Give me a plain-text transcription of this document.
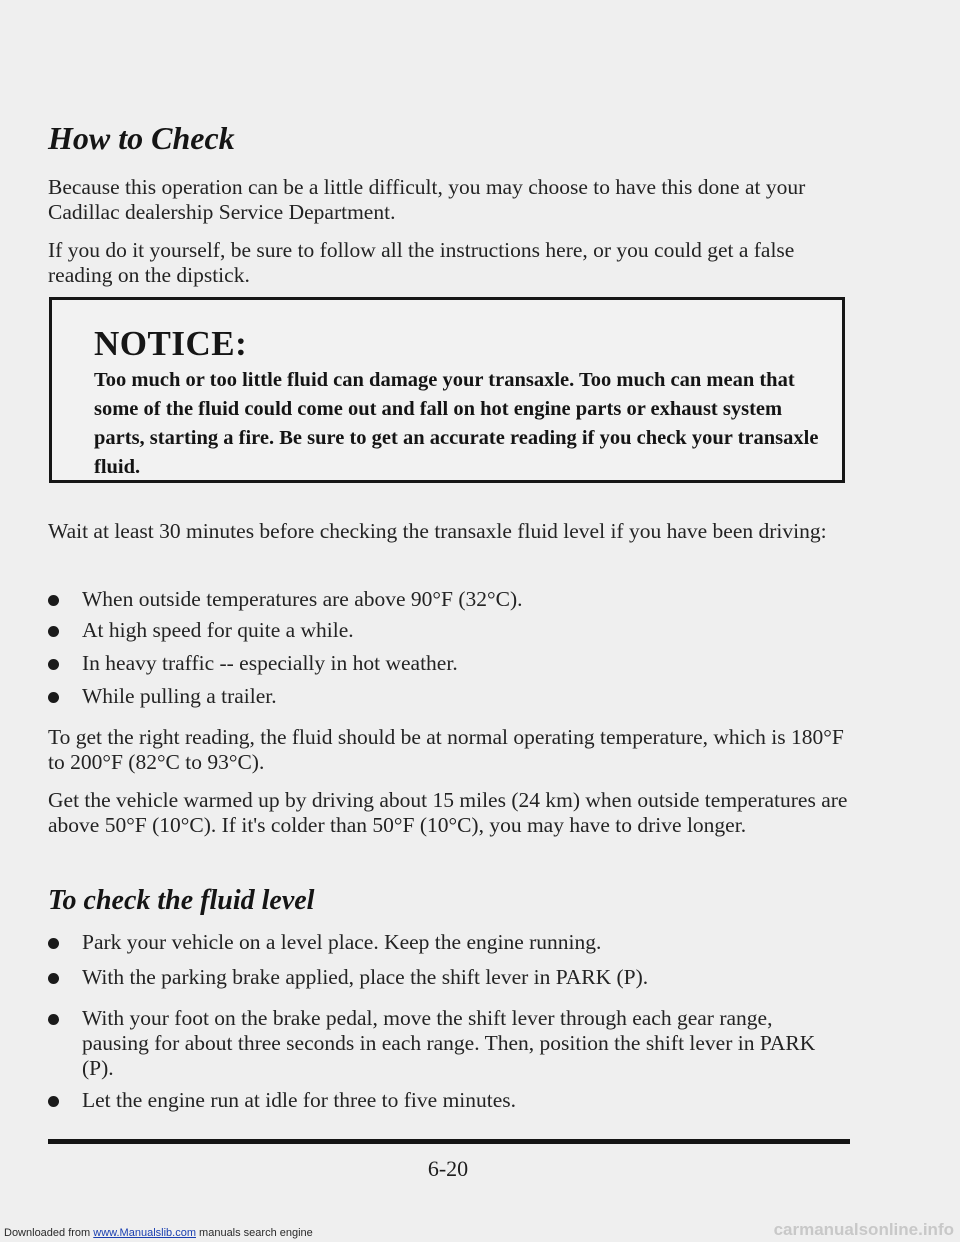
How to Check

Because this operation can be a little difficult, you may choose to have this done at your Cadillac dealership Service Department.

If you do it yourself, be sure to follow all the instructions here, or you could get a false reading on the dipstick.

NOTICE:

Too much or too little fluid can damage your transaxle. Too much can mean that some of the fluid could come out and fall on hot engine parts or exhaust system parts, starting a fire. Be sure to get an accurate reading if you check your transaxle fluid.

Wait at least 30 minutes before checking the transaxle fluid level if you have been driving:

When outside temperatures are above 90°F (32°C).
At high speed for quite a while.
In heavy traffic -- especially in hot weather.
While pulling a trailer.

To get the right reading, the fluid should be at normal operating temperature, which is 180°F to 200°F (82°C to 93°C).

Get the vehicle warmed up by driving about 15 miles (24 km) when outside temperatures are above 50°F (10°C). If it's colder than 50°F (10°C), you may have to drive longer.

To check the fluid level
Park your vehicle on a level place. Keep the engine running.
With the parking brake applied, place the shift lever in PARK (P).
With your foot on the brake pedal, move the shift lever through each gear range, pausing for about three seconds in each range. Then, position the shift lever in PARK (P).
Let the engine run at idle for three to five minutes.
6-20
Downloaded from www.Manualslib.com manuals search engine	carmanualsonline.info
